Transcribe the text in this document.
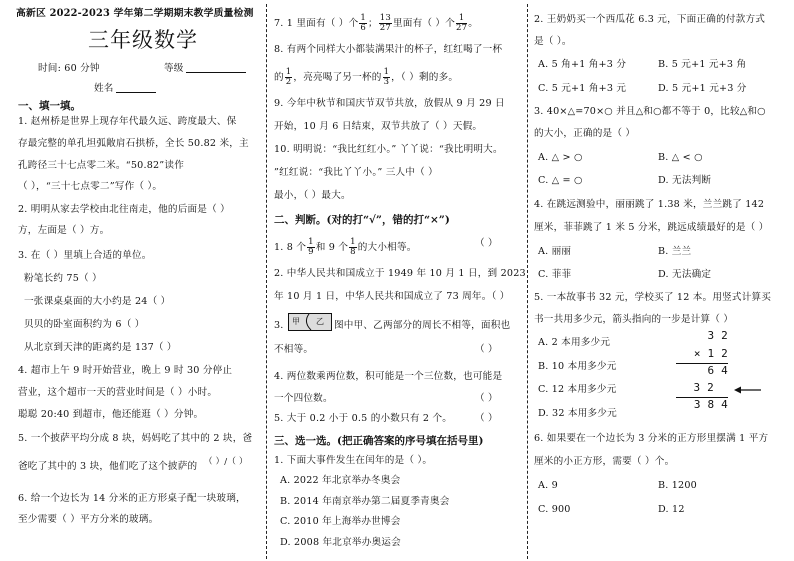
高新区 2022-2023 学年第二学期期末教学质量检测
三年级数学
时间: 60 分钟	等级
姓名
一、填一填。
1. 赵州桥是世界上现存年代最久远、跨度最大、保
存最完整的单孔坦弧敞肩石拱桥，全长 50.82 米，主
孔跨径三十七点零二米。“50.82”读作
（ ），“三十七点零二”写作（ ）。
2. 明明从家去学校由北往南走，他的后面是（ ）
方，左面是（ ）方。
3. 在（ ）里填上合适的单位。
粉笔长约 75（ ）
一张课桌桌面的大小约是 24（ ）
贝贝的卧室面积约为 6（ ）
从北京到天津的距离约是 137（ ）
4. 超市上午 9 时开始营业，晚上 9 时 30 分停止
营业，这个超市一天的营业时间是（ ）小时。
聪聪 20:40 到超市，他还能逛（ ）分钟。
5. 一个披萨平均分成 8 块，妈妈吃了其中的 2 块，爸
爸吃了其中的 3 块，他们吃了这个披萨的 （ ）/（ ）
6. 给一个边长为 14 分米的正方形桌子配一块玻璃，
至少需要（ ）平方分米的玻璃。
7. 1 里面有（ ）个 $\frac{1}{6}$ ； $\frac{13}{27}$ 里面有（ ）个 $\frac{1}{27}$ 。
8. 有两个同样大小都装满果汁的杯子，红红喝了一杯
的 $\frac{1}{2}$ ，亮亮喝了另一杯的 $\frac{1}{3}$ ，（ ）剩的多。
9. 今年中秋节和国庆节双节共放，放假从 9 月 29 日
开始，10 月 6 日结束，双节共放了（ ）天假。
10. 明明说：“我比红红小。” 丫丫说：“我比明明大。
”红红说：“我比丫丫小。” 三人中（ ）
最小，（ ）最大。
二、判断。(对的打“√”，错的打“×”)
1. 8 个 $\frac{1}{9}$ 和 9 个 $\frac{1}{8}$ 的大小相等。	（ ）
2. 中华人民共和国成立于 1949 年 10 月 1 日，到 2023
年 10 月 1 日，中华人民共和国成立了 73 周年。（ ）
3. 甲 乙 图中甲、乙两部分的周长不相等，面积也
不相等。	（ ）
4. 两位数乘两位数，积可能是一个三位数，也可能是
一个四位数。	（ ）
5. 大于 0.2 小于 0.5 的小数只有 2 个。 （ ）
三、选一选。(把正确答案的序号填在括号里)
1. 下面大事件发生在闰年的是（ ）。
A. 2022 年北京举办冬奥会
B. 2014 年南京举办第二届夏季青奥会
C. 2010 年上海举办世博会
D. 2008 年北京举办奥运会
2. 王奶奶买一个西瓜花 6.3 元，下面正确的付款方式
是（ ）。
A. 5 角+1 角+3 分	B. 5 元+1 元+3 角
C. 5 元+1 角+3 元	D. 5 元+1 元+3 分
3. 40×△=70×○ 并且△和○都不等于 0，比较△和○
的大小，正确的是（ ）
A. △ > ○	B. △ < ○
C. △ = ○	D. 无法判断
4. 在跳远测验中，丽丽跳了 1.38 米，兰兰跳了 142
厘米，菲菲跳了 1 米 5 分米，跳远成绩最好的是（ ）
A. 丽丽	B. 兰兰
C. 菲菲	D. 无法确定
5. 一本故事书 32 元，学校买了 12 本。用竖式计算买
书一共用多少元，箭头指向的一步是计算（ ）
A. 2 本用多少元
B. 10 本用多少元
C. 12 本用多少元
D. 32 本用多少元
3 2
× 1 2
6 4
3 2
3 8 4
6. 如果要在一个边长为 3 分米的正方形里摆满 1 平方
厘米的小正方形，需要（ ）个。
A. 9	B. 1200
C. 900	D. 12
